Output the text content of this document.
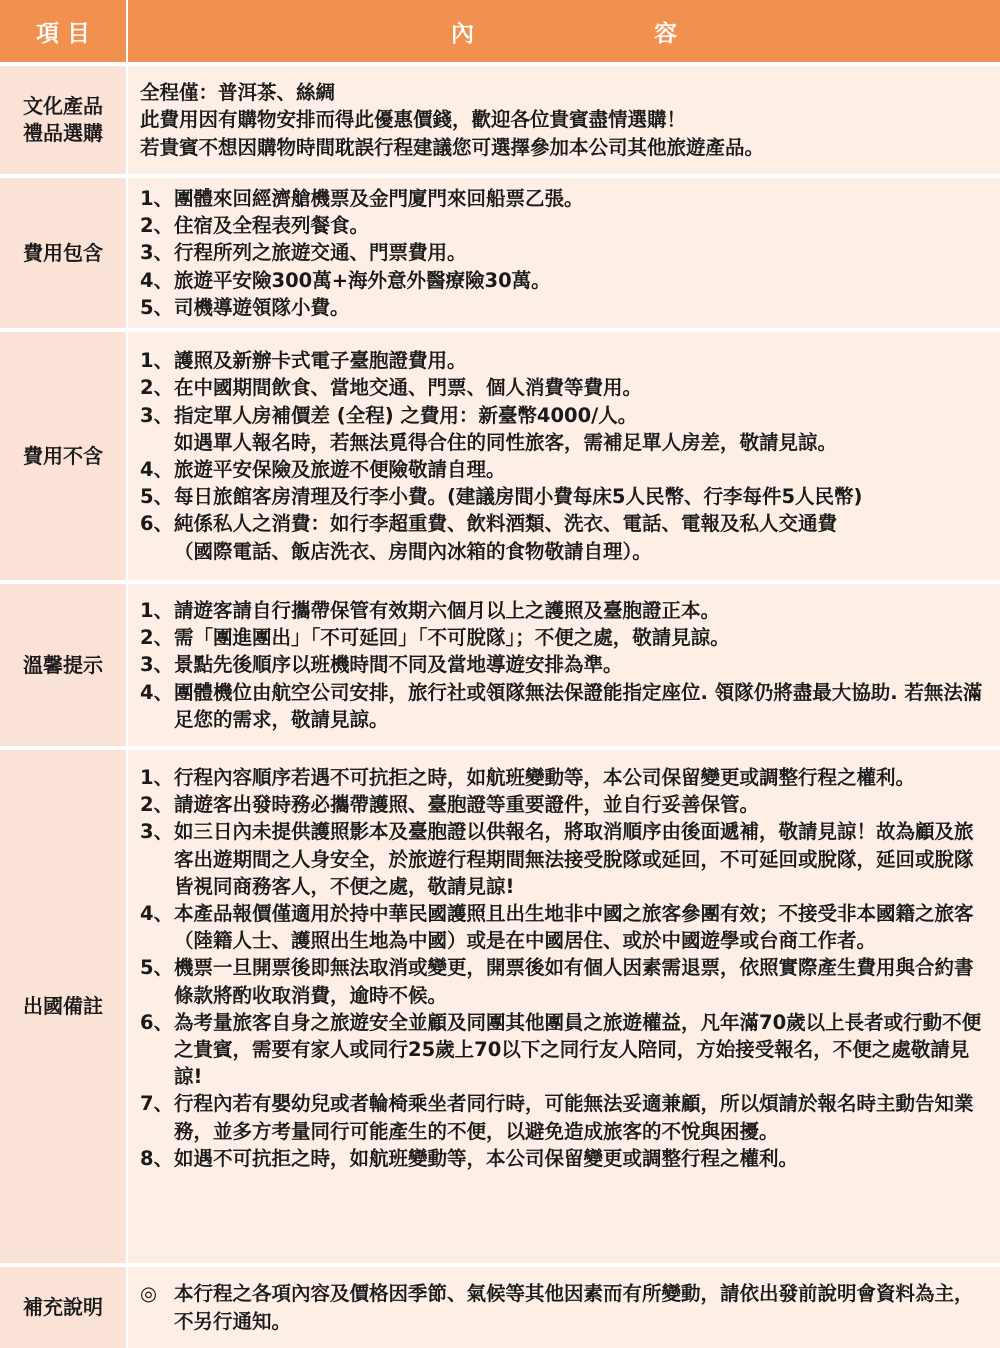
項 目	內	容
文化產品
禮品選購
全程僅：普洱茶、絲綢
此費用因有購物安排而得此優惠價錢，歡迎各位貴賓盡情選購！
若貴賓不想因購物時間耽誤行程建議您可選擇參加本公司其他旅遊產品。
費用包含
1、 團體來回經濟艙機票及金門廈門來回船票乙張。
2、 住宿及全程表列餐食。
3、 行程所列之旅遊交通、門票費用。
4、 旅遊平安險300萬+海外意外醫療險30萬。
5、 司機導遊領隊小費。
費用不含
1、 護照及新辦卡式電子臺胞證費用。
2、 在中國期間飲食、當地交通、門票、個人消費等費用。
3、 指定單人房補價差 (全程) 之費用：新臺幣4000/人。
如遇單人報名時，若無法覓得合住的同性旅客，需補足單人房差，敬請見諒。
4、 旅遊平安保險及旅遊不便險敬請自理。
5、 每日旅館客房清理及行李小費。(建議房間小費每床5人民幣、行李每件5人民幣)
6、 純係私人之消費：如行李超重費、飲料酒類、洗衣、電話、電報及私人交通費
（國際電話、飯店洗衣、房間內冰箱的食物敬請自理）。
溫馨提示
1、 請遊客請自行攜帶保管有效期六個月以上之護照及臺胞證正本。
2、 需「團進團出」「不可延回」「不可脫隊」；不便之處，敬請見諒。
3、 景點先後順序以班機時間不同及當地導遊安排為準。
4、 團體機位由航空公司安排，旅行社或領隊無法保證能指定座位. 領隊仍將盡最大協助. 若無法滿足您的需求，敬請見諒。
出國備註
1、 行程內容順序若遇不可抗拒之時，如航班變動等，本公司保留變更或調整行程之權利。
2、 請遊客出發時務必攜帶護照、臺胞證等重要證件，並自行妥善保管。
3、 如三日內未提供護照影本及臺胞證以供報名，將取消順序由後面遞補，敬請見諒！故為顧及旅客出遊期間之人身安全，於旅遊行程期間無法接受脫隊或延回，不可延回或脫隊，延回或脫隊皆視同商務客人，不便之處，敬請見諒!
4、 本產品報價僅適用於持中華民國護照且出生地非中國之旅客參團有效；不接受非本國籍之旅客（陸籍人士、護照出生地為中國）或是在中國居住、或於中國遊學或台商工作者。
5、 機票一旦開票後即無法取消或變更，開票後如有個人因素需退票，依照實際產生費用與合約書條款將酌收取消費，逾時不候。
6、 為考量旅客自身之旅遊安全並顧及同團其他團員之旅遊權益，凡年滿70歲以上長者或行動不便之貴賓，需要有家人或同行25歲上70以下之同行友人陪同，方始接受報名，不便之處敬請見諒!
7、 行程內若有嬰幼兒或者輪椅乘坐者同行時，可能無法妥適兼顧，所以煩請於報名時主動告知業務，並多方考量同行可能產生的不便，以避免造成旅客的不悅與困擾。
8、 如遇不可抗拒之時，如航班變動等，本公司保留變更或調整行程之權利。
補充說明
◎ 本行程之各項內容及價格因季節、氣候等其他因素而有所變動，請依出發前說明會資料為主，不另行通知。
